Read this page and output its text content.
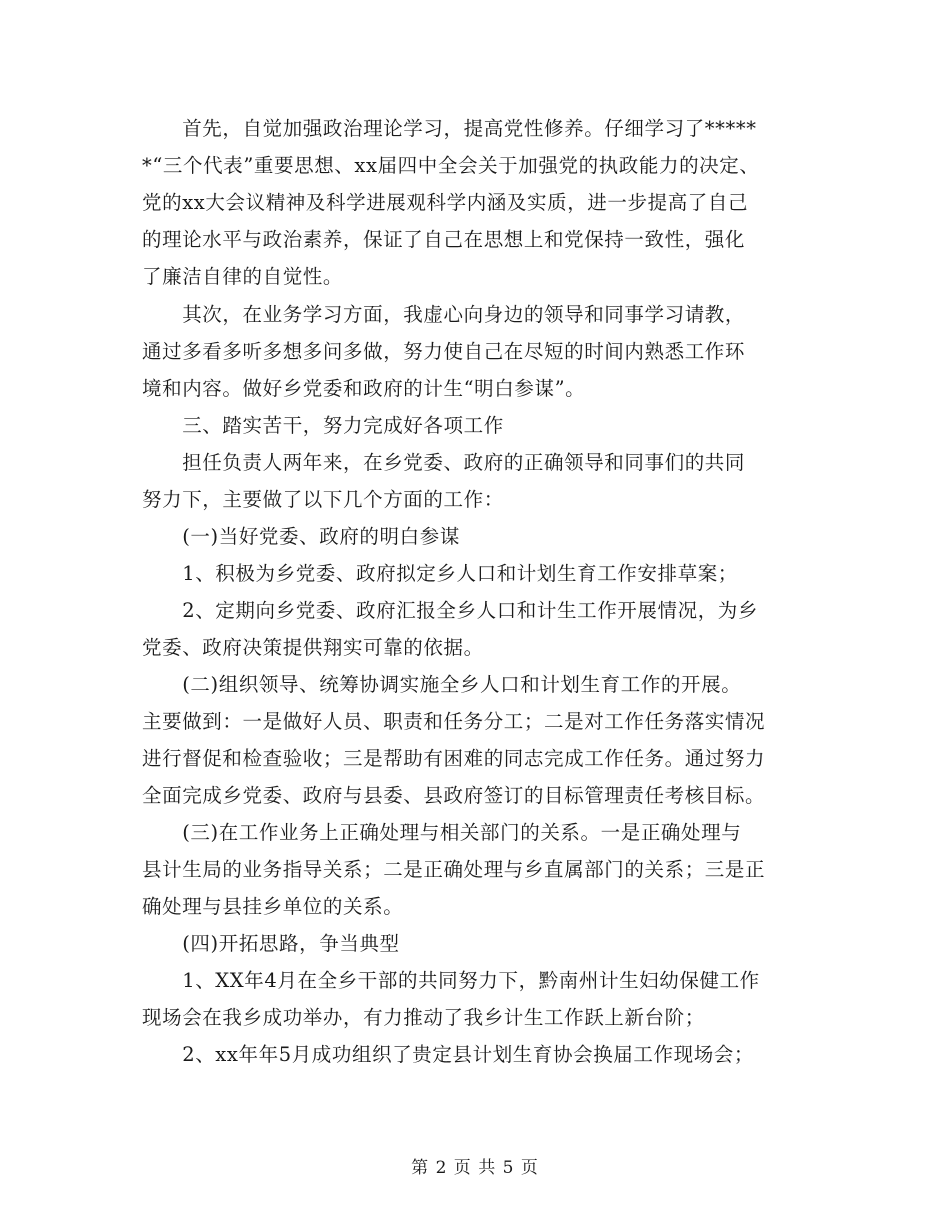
　　首先，自觉加强政治理论学习，提高党性修养。仔细学习了*****
*“三个代表”重要思想、xx届四中全会关于加强党的执政能力的决定、
党的xx大会议精神及科学进展观科学内涵及实质，进一步提高了自己
的理论水平与政治素养，保证了自己在思想上和党保持一致性，强化
了廉洁自律的自觉性。
　　其次，在业务学习方面，我虚心向身边的领导和同事学习请教，
通过多看多听多想多问多做，努力使自己在尽短的时间内熟悉工作环
境和内容。做好乡党委和政府的计生“明白参谋”。
　　三、踏实苦干，努力完成好各项工作
　　担任负责人两年来，在乡党委、政府的正确领导和同事们的共同
努力下，主要做了以下几个方面的工作：
　　(一)当好党委、政府的明白参谋
　　1、积极为乡党委、政府拟定乡人口和计划生育工作安排草案；
　　2、定期向乡党委、政府汇报全乡人口和计生工作开展情况，为乡
党委、政府决策提供翔实可靠的依据。
　　(二)组织领导、统筹协调实施全乡人口和计划生育工作的开展。
主要做到：一是做好人员、职责和任务分工；二是对工作任务落实情况
进行督促和检查验收；三是帮助有困难的同志完成工作任务。通过努力
全面完成乡党委、政府与县委、县政府签订的目标管理责任考核目标。
　　(三)在工作业务上正确处理与相关部门的关系。一是正确处理与
县计生局的业务指导关系；二是正确处理与乡直属部门的关系；三是正
确处理与县挂乡单位的关系。
　　(四)开拓思路，争当典型
　　1、XX年4月在全乡干部的共同努力下，黔南州计生妇幼保健工作
现场会在我乡成功举办，有力推动了我乡计生工作跃上新台阶；
　　2、xx年年5月成功组织了贵定县计划生育协会换届工作现场会；
第 2 页 共 5 页
